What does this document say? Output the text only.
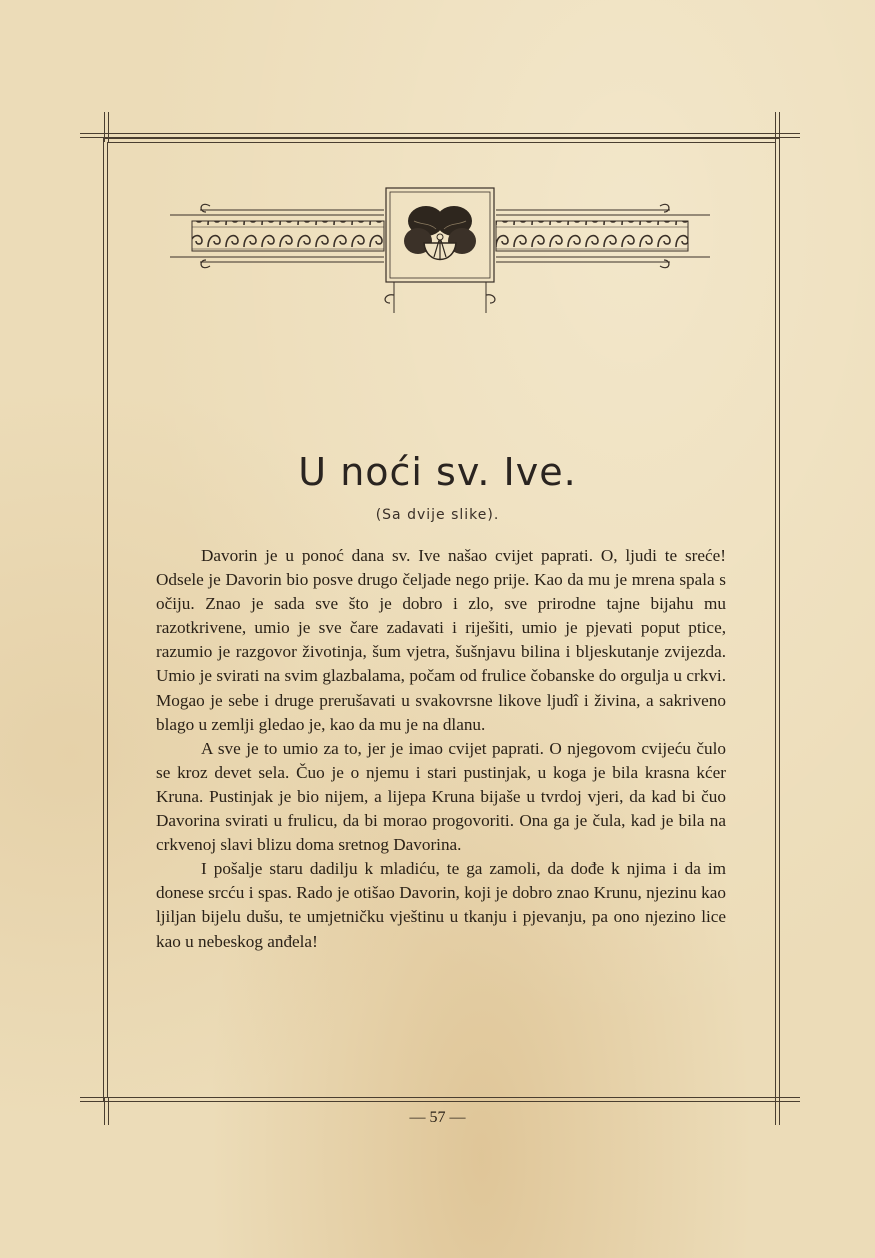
U noći sv. Ive.
(Sa dvije slike).

Davorin je u ponoć dana sv. Ive našao cvijet paprati. O, ljudi te sreće! Odsele je Davorin bio posve drugo čeljade nego prije. Kao da mu je mrena spala s očiju. Znao je sada sve što je dobro i zlo, sve prirodne tajne bijahu mu razotkrivene, umio je sve čare zadavati i riješiti, umio je pjevati poput ptice, razumio je razgovor životinja, šum vjetra, šušnjavu bilina i bljeskutanje zvijezda. Umio je svirati na svim glazbalama, počam od frulice čobanske do orgulja u crkvi. Mogao je sebe i druge prerušavati u svakovrsne likove ljudî i živina, a sakriveno blago u zemlji gledao je, kao da mu je na dlanu.

A sve je to umio za to, jer je imao cvijet paprati. O njegovom cvijeću čulo se kroz devet sela. Čuo je o njemu i stari pustinjak, u koga je bila krasna kćer Kruna. Pustinjak je bio nijem, a lijepa Kruna bijaše u tvrdoj vjeri, da kad bi čuo Davorina svirati u frulicu, da bi morao progovoriti. Ona ga je čula, kad je bila na crkvenoj slavi blizu doma sretnog Davorina.

I pošalje staru dadilju k mladiću, te ga zamoli, da dođe k njima i da im donese srcću i spas. Rado je otišao Davorin, koji je dobro znao Krunu, njezinu kao ljiljan bijelu dušu, te umjetničku vještinu u tkanju i pjevanju, pa ono njezino lice kao u nebeskog anđela!

— 57 —
